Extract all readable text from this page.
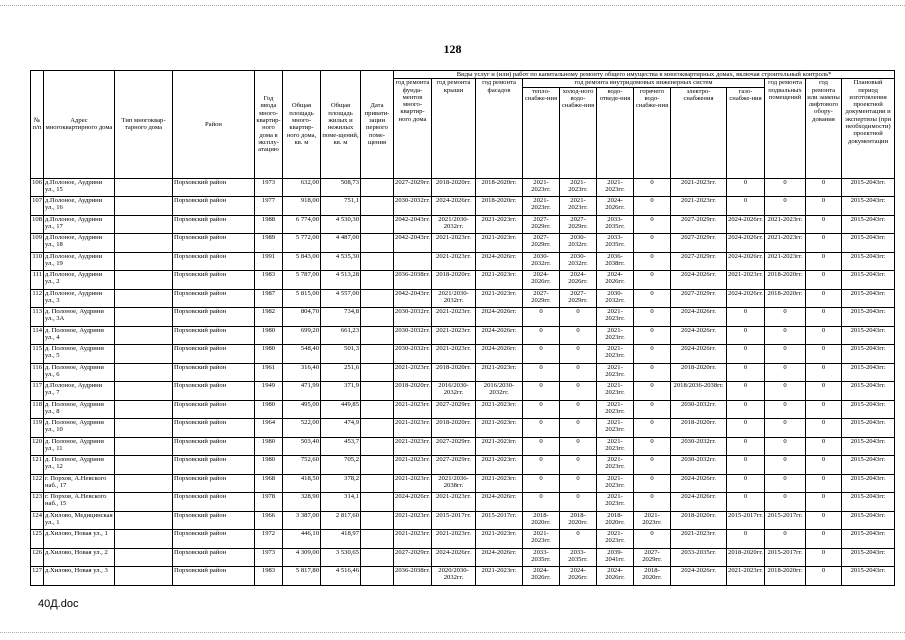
128
№ п/п	Адрес многоквартирного дома	Тип многоквар-тарного дома	Район	Год ввода много-квартир-ного дома в эксплу-атацию	Общая площадь много-квартир-ного дома, кв. м	Общая площадь жилых и нежилых поме-щений, кв. м	Дата привати-зации первого поме-щения	Виды услуг и (или) работ по капитальному ремонту общего имущества в многоквартирных домах, включая строительный контроль*											
								год ремонта фунда-ментов много-квартир-ного дома	год ремонта крыши	год ремонта фасадов	год ремонта внутридомовых инженерных систем						год ремонта подвальных помещений	год ремонта или замены лифтового обору-дования	Плановый период изготовления проектной документации и экспертизы (при необходимости) проектной документации
											тепло-снабже-ния	холод-ного водо-снабже-ния	водо-отведе-ния	горячего водо-снабже-ния	электро-снабжения	газо-снабже-ния			
106	д.Полоное, Аудрини ул., 15		Порховский район	1973	632,00	508,73		2027-2029гг.	2018-2020гг.	2018-2020гг.	2021-2023гг.	2021-2023гг.	2021-2023гг.	0	2021-2023гг.	0	0	0	2015-2043гг.
107	д.Полоное, Аудрини ул., 16		Порховский район	1977	918,00	751,1		2030-2032гг.	2024-2026гг.	2018-2020гг.	2021-2023гг.	2021-2023гг.	2024-2026гг.	0	2021-2023гг.	0	0	0	2015-2043гг.
108	д.Полоное, Аудрини ул., 17		Порховский район	1988	6 774,00	4 530,30		2042-2043гг.	2021/2030-2032гг.	2021-2023гг.	2027-2029гг.	2027-2029гг.	2033-2035гг.	0	2027-2029гг.	2024-2026гг.	2021-2023гг.	0	2015-2043гг.
109	д.Полоное, Аудрини ул., 18		Порховский район	1989	5 772,00	4 487,00		2042-2043гг.	2021-2023гг.	2021-2023гг.	2027-2029гг.	2030-2032гг.	2033-2035гг.	0	2027-2029гг.	2024-2026гг.	2021-2023гг.	0	2015-2043гг.
110	д.Полоное, Аудрини ул., 19		Порховский район	1991	5 843,00	4 535,30			2021-2023гг.	2024-2026гг.	2030-2032гг.	2030-2032гг.	2036-2038гг.	0	2027-2029гг.	2024-2026гг.	2021-2023гг.	0	2015-2043гг.
111	д.Полоное, Аудрини ул., 2		Порховский район	1983	5 787,00	4 513,28		2036-2038гг.	2018-2020гг.	2021-2023гг.	2024-2026гг.	2024-2026гг.	2024-2026гг.	0	2024-2026гг.	2021-2023гг.	2018-2020гг.	0	2015-2043гг.
112	д.Полоное, Аудрини ул., 3		Порховский район	1987	5 815,00	4 557,00		2042-2043гг.	2021/2030-2032гг.	2021-2023гг.	2027-2029гг.	2027-2029гг.	2030-2032гг.	0	2027-2029гг.	2024-2026гг.	2018-2020гг.	0	2015-2043гг.
113	д. Полоное, Аудрини ул., 3А		Порховский район	1982	804,70	734,8		2030-2032гг.	2021-2023гг.	2024-2026гг.	0	0	2021-2023гг.	0	2024-2026гг.	0	0	0	2015-2043гг.
114	д. Полоное, Аудрини ул., 4		Порховский район	1980	699,20	661,23		2030-2032гг.	2021-2023гг.	2024-2026гг.	0	0	2021-2023гг.	0	2024-2026гг.	0	0	0	2015-2043гг.
115	д. Полоное, Аудрини ул., 5		Порховский район	1980	548,40	501,3		2030-2032гг.	2021-2023гг.	2024-2026гг.	0	0	2021-2023гг.	0	2024-2026гг.	0	0	0	2015-2043гг.
116	д. Полоное, Аудрини ул., 6		Порховский район	1961	316,40	251,6		2021-2023гг.	2018-2020гг.	2021-2023гг.	0	0	2021-2023гг.	0	2018-2020гг.	0	0	0	2015-2043гг.
117	д.Полоное, Аудрини ул., 7		Порховский район	1949	471,99	371,9		2018-2020гг.	2016/2030-2032гг.	2016/2030-2032гг.	0	0	2021-2023гг.	0	2018/2036-2038гг.	0	0	0	2015-2043гг.
118	д. Полоное, Аудрини ул., 8		Порховский район	1980	495,00	449,85		2021-2023гг.	2027-2029гг.	2021-2023гг.	0	0	2021-2023гг.	0	2030-2032гг.	0	0	0	2015-2043гг.
119	д. Полоное, Аудрини ул., 10		Порховский район	1964	522,00	474,9		2021-2023гг.	2018-2020гг.	2021-2023гг.	0	0	2021-2023гг.	0	2018-2020гг.	0	0	0	2015-2043гг.
120	д. Полоное, Аудрини ул., 11		Порховский район	1980	503,40	453,7		2021-2023гг.	2027-2029гг.	2021-2023гг.	0	0	2021-2023гг.	0	2030-2032гг.	0	0	0	2015-2043гг.
121	д. Полоное, Аудрини ул., 12		Порховский район	1980	752,60	705,2		2021-2023гг.	2027-2029гг.	2021-2023гг.	0	0	2021-2023гг.	0	2030-2032гг.	0	0	0	2015-2043гг.
122	г. Порхов, А.Невского наб., 17		Порховский район	1968	418,50	378,2		2021-2023гг.	2021/2036-2038гг.	2021-2023гг.	0	0	2021-2023гг.	0	2024-2026гг.	0	0	0	2015-2043гг.
123	г. Порхов, А.Невского наб., 15		Порховский район	1978	328,90	314,1		2024-2026гг.	2021-2023гг.	2024-2026гг.	0	0	2021-2023гг.	0	2024-2026гг.	0	0	0	2015-2043гг.
124	д.Хилово, Медицинская ул., 1		Порховский район	1966	3 387,00	2 817,60		2021-2023гг.	2015-2017гг.	2015-2017гг.	2018-2020гг.	2018-2020гг.	2018-2020гг.	2021-2023гг.	2018-2020гг.	2015-2017гг.	2015-2017гг.	0	2015-2043гг.
125	д.Хилово, Новая ул., 1		Порховский район	1972	446,10	418,97		2021-2023гг.	2021-2023гг.	2021-2023гг.	2021-2023гг.	0	2021-2023гг.	0	2021-2023гг.	0	0	0	2015-2043гг.
126	д.Хилово, Новая ул., 2		Порховский район	1973	4 309,00	3 530,65		2027-2029гг.	2024-2026гг.	2024-2026гг.	2033-2035гг.	2033-2035гг.	2039-2041гг.	2027-2029гг.	2033-2035гг.	2018-2020гг.	2015-2017гг.	0	2015-2043гг.
127	д.Хилово, Новая ул., 3		Порховский район	1983	5 817,80	4 516,46		2036-2038гг.	2020/2030-2032гг.	2021-2023гг.	2024-2026гг.	2024-2026гг.	2024-2026гг.	2018-2020гг.	2024-2026гг.	2021-2023гг.	2018-2020гг.	0	2015-2043гг.
40Д.doc
